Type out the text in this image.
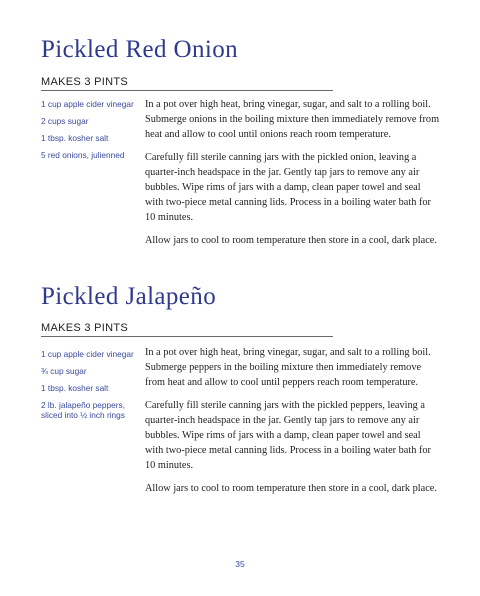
Pickled Red Onion
MAKES 3 PINTS
1 cup apple cider vinegar
2 cups sugar
1 tbsp. kosher salt
5 red onions, julienned

In a pot over high heat, bring vinegar, sugar, and salt to a rolling boil. Submerge onions in the boiling mixture then immediately remove from heat and allow to cool until onions reach room temperature.

Carefully fill sterile canning jars with the pickled onion, leaving a quarter-inch headspace in the jar. Gently tap jars to remove any air bubbles. Wipe rims of jars with a damp, clean paper towel and seal with two-piece metal canning lids. Process in a boiling water bath for 10 minutes.

Allow jars to cool to room temperature then store in a cool, dark place.

Pickled Jalapeño
MAKES 3 PINTS
1 cup apple cider vinegar
¾ cup sugar
1 tbsp. kosher salt
2 lb. jalapeño peppers, sliced into ½ inch rings

In a pot over high heat, bring vinegar, sugar, and salt to a rolling boil. Submerge peppers in the boiling mixture then immediately remove from heat and allow to cool until peppers reach room temperature.

Carefully fill sterile canning jars with the pickled peppers, leaving a quarter-inch headspace in the jar. Gently tap jars to remove any air bubbles. Wipe rims of jars with a damp, clean paper towel and seal with two-piece metal canning lids. Process in a boiling water bath for 10 minutes.

Allow jars to cool to room temperature then store in a cool, dark place.

35
